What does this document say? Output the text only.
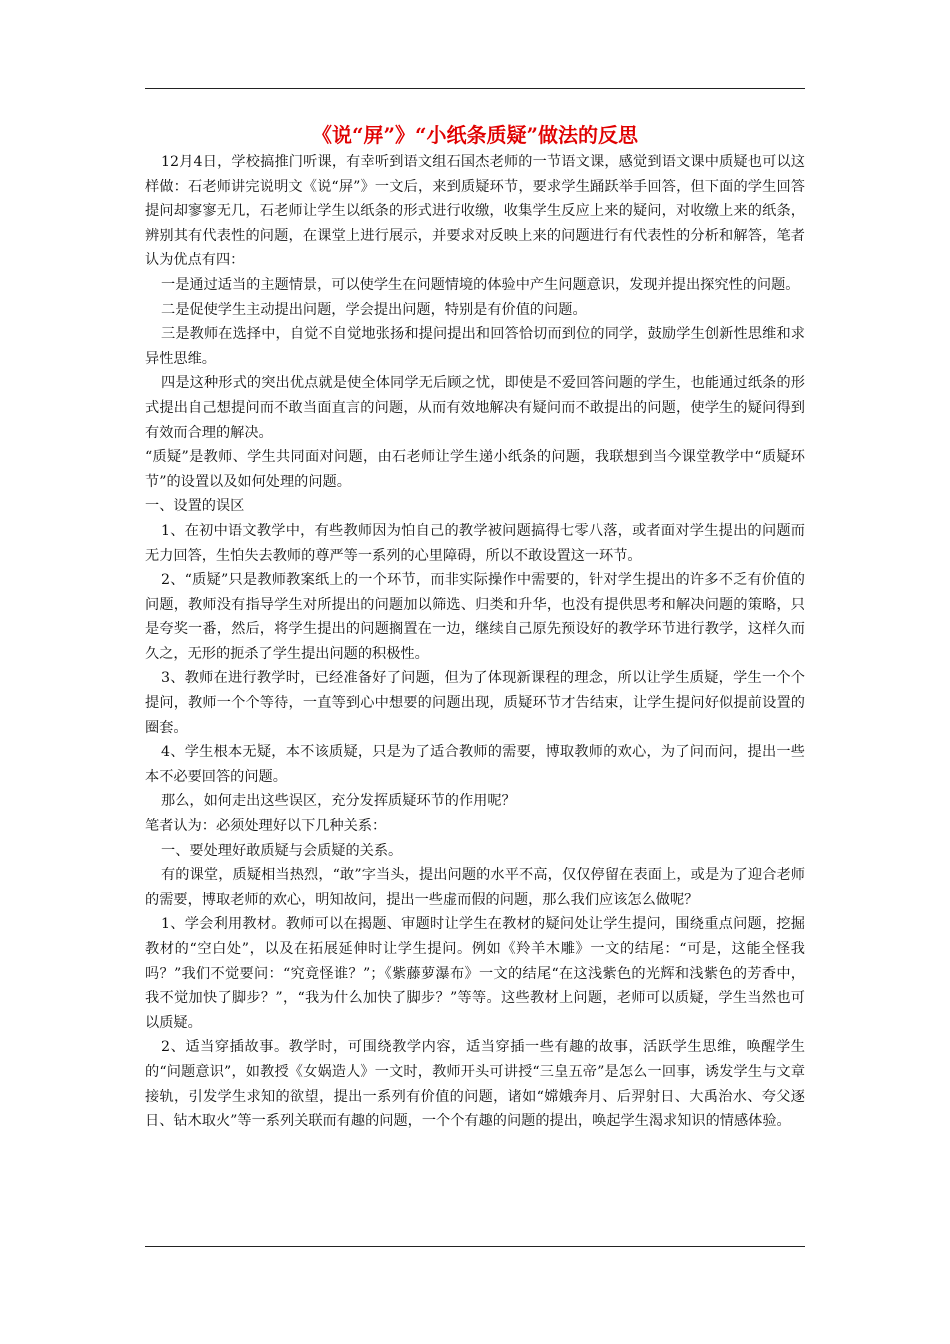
《说“屏”》“小纸条质疑”做法的反思

12月4日，学校搞推门听课，有幸听到语文组石国杰老师的一节语文课，感觉到语文课中质疑也可以这样做：石老师讲完说明文《说“屏”》一文后，来到质疑环节，要求学生踊跃举手回答，但下面的学生回答提问却寥寥无几，石老师让学生以纸条的形式进行收缴，收集学生反应上来的疑问，对收缴上来的纸条，辨别其有代表性的问题，在课堂上进行展示，并要求对反映上来的问题进行有代表性的分析和解答，笔者认为优点有四：

一是通过适当的主题情景，可以使学生在问题情境的体验中产生问题意识，发现并提出探究性的问题。

二是促使学生主动提出问题，学会提出问题，特别是有价值的问题。

三是教师在选择中，自觉不自觉地张扬和提问提出和回答恰切而到位的同学，鼓励学生创新性思维和求异性思维。

四是这种形式的突出优点就是使全体同学无后顾之忧，即使是不爱回答问题的学生，也能通过纸条的形式提出自己想提问而不敢当面直言的问题，从而有效地解决有疑问而不敢提出的问题，使学生的疑问得到有效而合理的解决。

“质疑”是教师、学生共同面对问题，由石老师让学生递小纸条的问题，我联想到当今课堂教学中“质疑环节”的设置以及如何处理的问题。

一、设置的误区

1、在初中语文教学中，有些教师因为怕自己的教学被问题搞得七零八落，或者面对学生提出的问题而无力回答，生怕失去教师的尊严等一系列的心里障碍，所以不敢设置这一环节。

2、“质疑”只是教师教案纸上的一个环节，而非实际操作中需要的，针对学生提出的许多不乏有价值的问题，教师没有指导学生对所提出的问题加以筛选、归类和升华，也没有提供思考和解决问题的策略，只是夸奖一番，然后，将学生提出的问题搁置在一边，继续自己原先预设好的教学环节进行教学，这样久而久之，无形的扼杀了学生提出问题的积极性。

3、教师在进行教学时，已经准备好了问题，但为了体现新课程的理念，所以让学生质疑，学生一个个提问，教师一个个等待，一直等到心中想要的问题出现，质疑环节才告结束，让学生提问好似提前设置的圈套。

4、学生根本无疑，本不该质疑，只是为了适合教师的需要，博取教师的欢心，为了问而问，提出一些本不必要回答的问题。

那么，如何走出这些误区，充分发挥质疑环节的作用呢？

笔者认为：必须处理好以下几种关系：

一、要处理好敢质疑与会质疑的关系。

有的课堂，质疑相当热烈，“敢”字当头，提出问题的水平不高，仅仅停留在表面上，或是为了迎合老师的需要，博取老师的欢心，明知故问，提出一些虚而假的问题，那么我们应该怎么做呢？

1、学会利用教材。教师可以在揭题、审题时让学生在教材的疑问处让学生提问，围绕重点问题，挖掘教材的“空白处”，以及在拓展延伸时让学生提问。例如《羚羊木雕》一文的结尾：“可是，这能全怪我吗？”我们不觉要问：“究竟怪谁？”；《紫藤萝瀑布》一文的结尾“在这浅紫色的光辉和浅紫色的芳香中，我不觉加快了脚步？”，“我为什么加快了脚步？”等等。这些教材上问题，老师可以质疑，学生当然也可以质疑。

2、适当穿插故事。教学时，可围绕教学内容，适当穿插一些有趣的故事，活跃学生思维，唤醒学生的“问题意识”，如教授《女娲造人》一文时，教师开头可讲授“三皇五帝”是怎么一回事，诱发学生与文章接轨，引发学生求知的欲望，提出一系列有价值的问题，诸如“嫦娥奔月、后羿射日、大禹治水、夸父逐日、钻木取火”等一系列关联而有趣的问题，一个个有趣的问题的提出，唤起学生渴求知识的情感体验。
